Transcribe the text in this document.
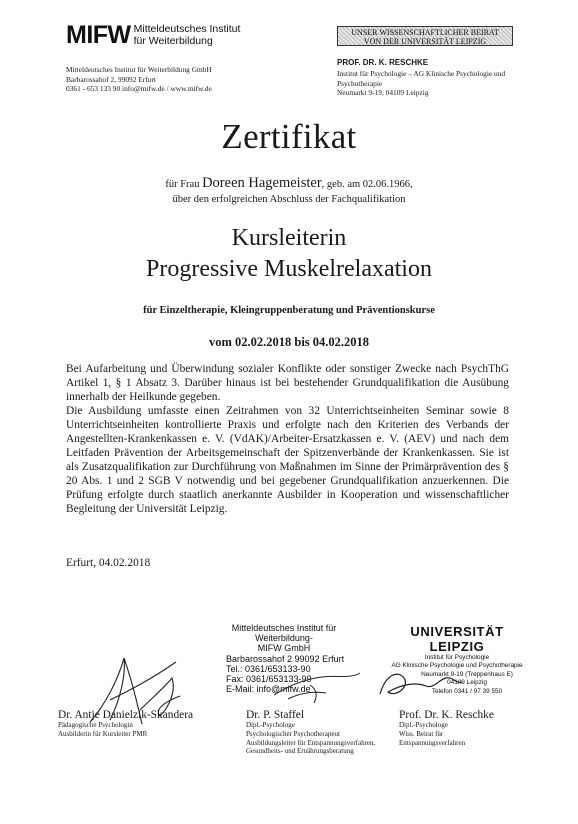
MIFW Mitteldeutsches Institut
für Weiterbildung
Mitteldeutsches Institut für Weiterbildung GmbH
Barbarossahof 2, 99092 Erfurt
0361 - 653 133 90 info@mifw.de / www.mifw.de
UNSER WISSENSCHAFTLICHER BEIRAT
VON DER UNIVERSITÄT LEIPZIG
PROF. DR. K. RESCHKE
Institut für Psychologie – AG Klinische Psychologie und
Psychotherapie
Neumarkt 9-19, 04109 Leipzig
Zertifikat
für Frau Doreen Hagemeister, geb. am 02.06.1966,
über den erfolgreichen Abschluss der Fachqualifikation
Kursleiterin
Progressive Muskelrelaxation
für Einzeltherapie, Kleingruppenberatung und Präventionskurse
vom 02.02.2018 bis 04.02.2018
Bei Aufarbeitung und Überwindung sozialer Konflikte oder sonstiger Zwecke nach PsychThG Artikel 1, § 1 Absatz 3. Darüber hinaus ist bei bestehender Grundqualifikation die Ausübung innerhalb der Heilkunde gegeben.
Die Ausbildung umfasste einen Zeitrahmen von 32 Unterrichtseinheiten Seminar sowie 8 Unterrichtseinheiten kontrollierte Praxis und erfolgte nach den Kriterien des Verbands der Angestellten-Krankenkassen e. V. (VdAK)/Arbeiter-Ersatzkassen e. V. (AEV) und nach dem Leitfaden Prävention der Arbeitsgemeinschaft der Spitzenverbände der Krankenkassen. Sie ist als Zusatzqualifikation zur Durchführung von Maßnahmen im Sinne der Primärprävention des § 20 Abs. 1 und 2 SGB V notwendig und bei gegebener Grundqualifikation anzuerkennen. Die Prüfung erfolgte durch staatlich anerkannte Ausbilder in Kooperation und wissenschaftlicher Begleitung der Universität Leipzig.
Erfurt, 04.02.2018
Mitteldeutsches Institut für Weiterbildung-
MIFW GmbH
Barbarossahof 2 99092 Erfurt
Tel.: 0361/653133-90
Fax: 0361/653133-99
E-Mail: info@mifw.de
UNIVERSITÄT LEIPZIG
Institut für Psychologie
AG Klinische Psychologie und Psychotherapie
Neumarkt 9-19 (Treppenhaus E)
04109 Leipzig
Telefon 0341 / 97 39 550
Dr. Antje Danielzik-Skandera
Pädagogische Psychologin
Ausbilderin für Kursleiter PMR
Dr. P. Staffel
Dipl.-Psychologe
Psychologischer Psychotherapeut
Ausbildungsleiter für Entspannungsverfahren,
Gesundheits- und Ernährungsberatung
Prof. Dr. K. Reschke
Dipl.-Psychologe
Wiss. Beirat für
Entspannungsverfahren
